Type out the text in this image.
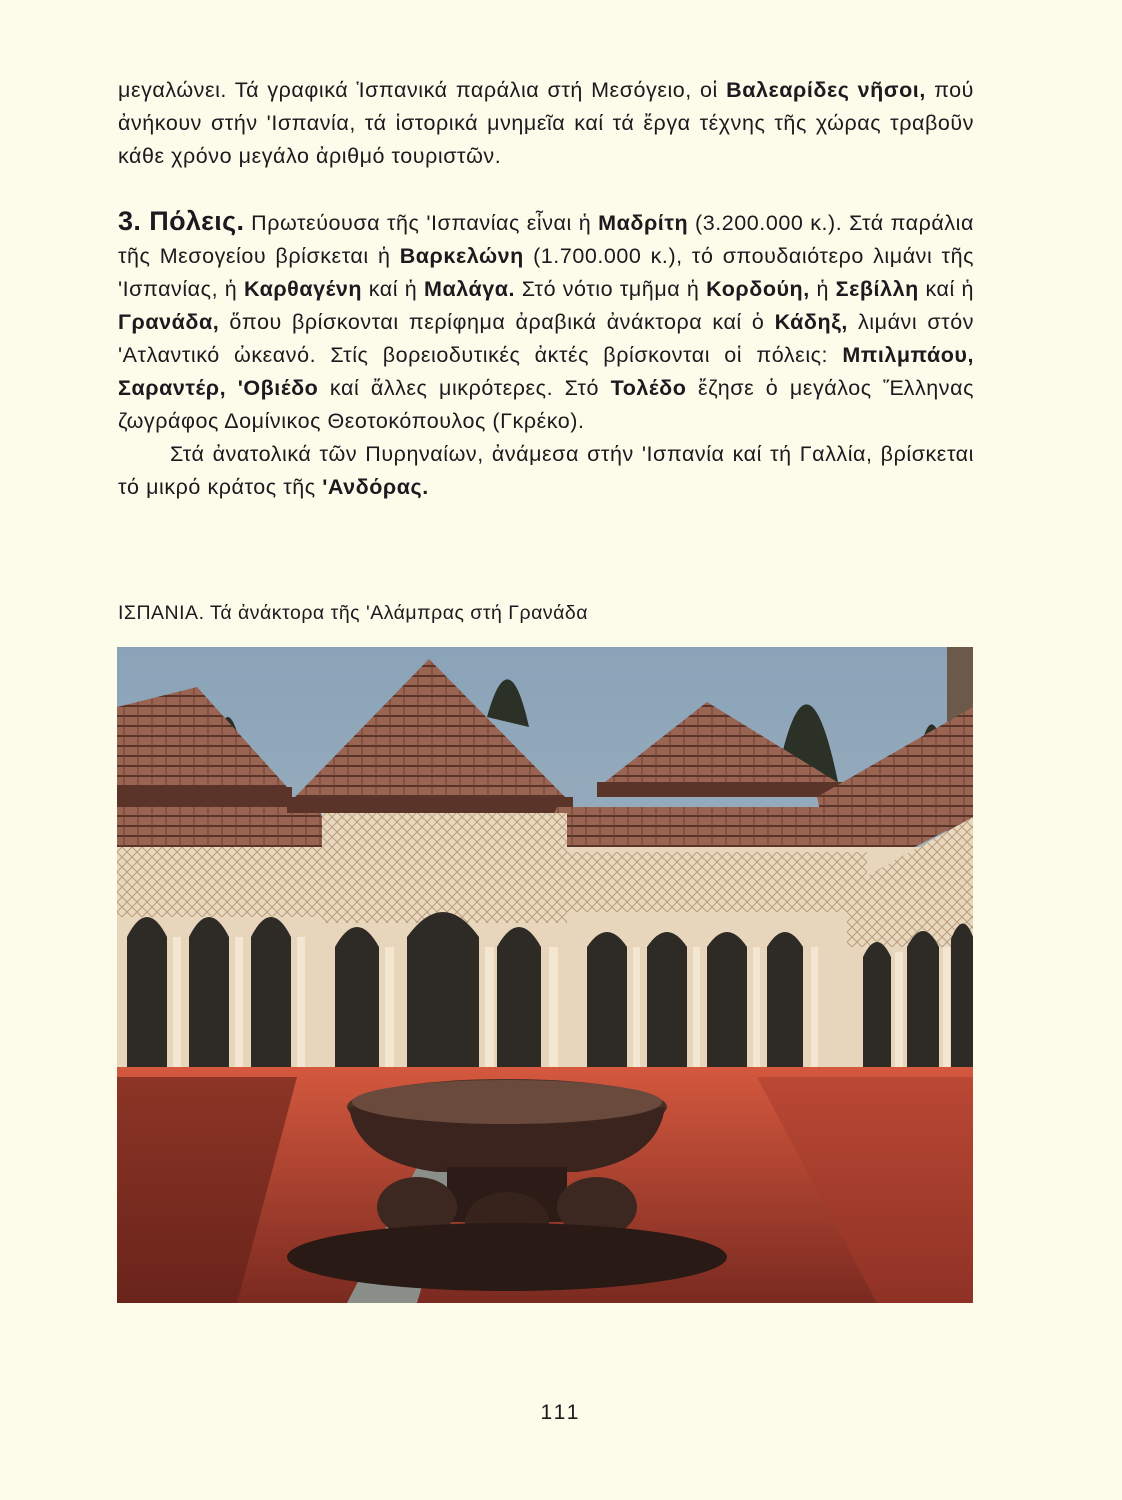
μεγαλώνει. Τά γραφικά Ἱσπανικά παράλια στή Μεσόγειο, οἱ Βαλεαρίδες νῆσοι, πού ἀνήκουν στήν 'Ισπανία, τά ἱστορικά μνημεῖα καί τά ἔργα τέχνης τῆς χώρας τραβοῦν κάθε χρόνο μεγάλο ἀριθμό τουριστῶν.

3. Πόλεις. Πρωτεύουσα τῆς 'Ισπανίας εἶναι ἡ Μαδρίτη (3.200.000 κ.). Στά παράλια τῆς Μεσογείου βρίσκεται ἡ Βαρκελώνη (1.700.000 κ.), τό σπουδαιότερο λιμάνι τῆς 'Ισπανίας, ἡ Καρθαγένη καί ἡ Μαλάγα. Στό νότιο τμῆμα ἡ Κορδούη, ἡ Σεβίλλη καί ἡ Γρανάδα, ὅπου βρίσκονται περίφημα ἀραβικά ἀνάκτορα καί ὁ Κάδηξ, λιμάνι στόν 'Ατλαντικό ὠκεανό. Στίς βορειοδυτικές ἀκτές βρίσκονται οἱ πόλεις: Μπιλμπάου, Σαραντέρ, 'Οβιέδο καί ἄλλες μικρότερες. Στό Τολέδο ἔζησε ὁ μεγάλος Ἕλληνας ζωγράφος Δομίνικος Θεοτοκόπουλος (Γκρέκο).

Στά ἀνατολικά τῶν Πυρηναίων, ἀνάμεσα στήν 'Ισπανία καί τή Γαλλία, βρίσκεται τό μικρό κράτος τῆς 'Ανδόρας.

ΙΣΠΑΝΙΑ. Τά ἀνάκτορα τῆς 'Αλάμπρας στή Γρανάδα
111
